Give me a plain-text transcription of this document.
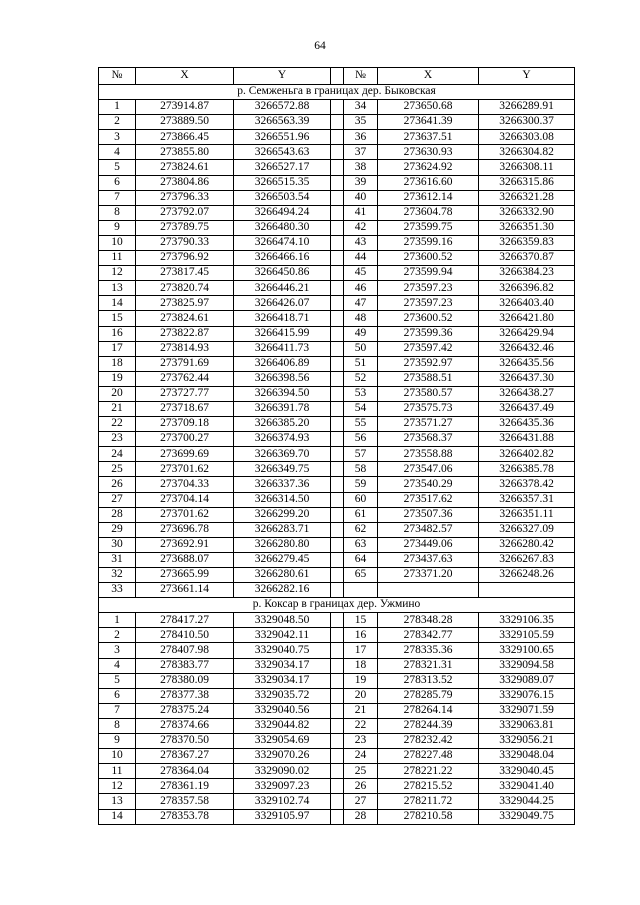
64
№	X	Y		№	X	Y
р. Семженьга в границах дер. Быковская						
1	273914.87	3266572.88		34	273650.68	3266289.91
2	273889.50	3266563.39		35	273641.39	3266300.37
3	273866.45	3266551.96		36	273637.51	3266303.08
4	273855.80	3266543.63		37	273630.93	3266304.82
5	273824.61	3266527.17		38	273624.92	3266308.11
6	273804.86	3266515.35		39	273616.60	3266315.86
7	273796.33	3266503.54		40	273612.14	3266321.28
8	273792.07	3266494.24		41	273604.78	3266332.90
9	273789.75	3266480.30		42	273599.75	3266351.30
10	273790.33	3266474.10		43	273599.16	3266359.83
11	273796.92	3266466.16		44	273600.52	3266370.87
12	273817.45	3266450.86		45	273599.94	3266384.23
13	273820.74	3266446.21		46	273597.23	3266396.82
14	273825.97	3266426.07		47	273597.23	3266403.40
15	273824.61	3266418.71		48	273600.52	3266421.80
16	273822.87	3266415.99		49	273599.36	3266429.94
17	273814.93	3266411.73		50	273597.42	3266432.46
18	273791.69	3266406.89		51	273592.97	3266435.56
19	273762.44	3266398.56		52	273588.51	3266437.30
20	273727.77	3266394.50		53	273580.57	3266438.27
21	273718.67	3266391.78		54	273575.73	3266437.49
22	273709.18	3266385.20		55	273571.27	3266435.36
23	273700.27	3266374.93		56	273568.37	3266431.88
24	273699.69	3266369.70		57	273558.88	3266402.82
25	273701.62	3266349.75		58	273547.06	3266385.78
26	273704.33	3266337.36		59	273540.29	3266378.42
27	273704.14	3266314.50		60	273517.62	3266357.31
28	273701.62	3266299.20		61	273507.36	3266351.11
29	273696.78	3266283.71		62	273482.57	3266327.09
30	273692.91	3266280.80		63	273449.06	3266280.42
31	273688.07	3266279.45		64	273437.63	3266267.83
32	273665.99	3266280.61		65	273371.20	3266248.26
33	273661.14	3266282.16				
р. Коксар в границах дер. Ужмино						
1	278417.27	3329048.50		15	278348.28	3329106.35
2	278410.50	3329042.11		16	278342.77	3329105.59
3	278407.98	3329040.75		17	278335.36	3329100.65
4	278383.77	3329034.17		18	278321.31	3329094.58
5	278380.09	3329034.17		19	278313.52	3329089.07
6	278377.38	3329035.72		20	278285.79	3329076.15
7	278375.24	3329040.56		21	278264.14	3329071.59
8	278374.66	3329044.82		22	278244.39	3329063.81
9	278370.50	3329054.69		23	278232.42	3329056.21
10	278367.27	3329070.26		24	278227.48	3329048.04
11	278364.04	3329090.02		25	278221.22	3329040.45
12	278361.19	3329097.23		26	278215.52	3329041.40
13	278357.58	3329102.74		27	278211.72	3329044.25
14	278353.78	3329105.97		28	278210.58	3329049.75
